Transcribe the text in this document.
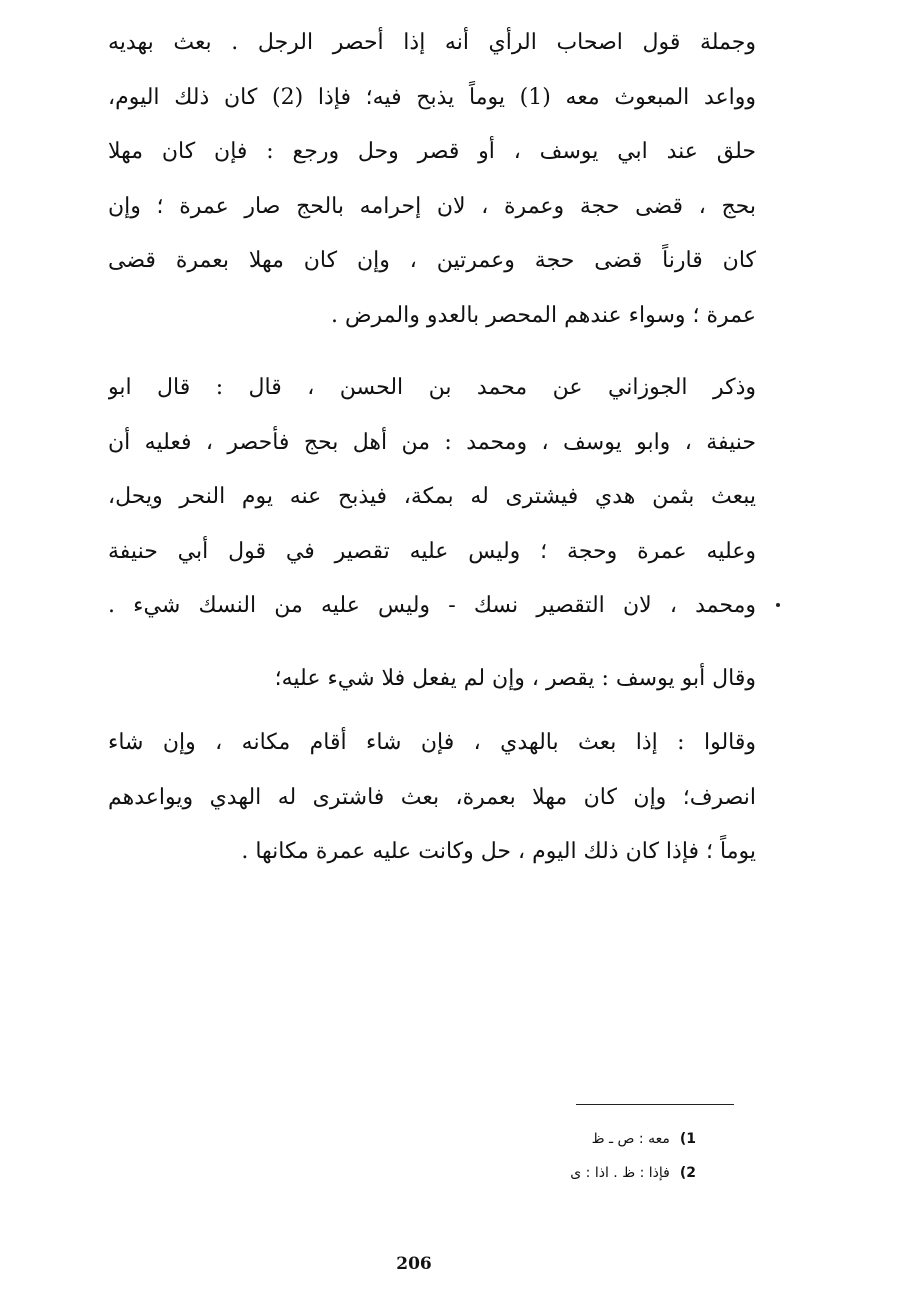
وجملة قول اصحاب الرأي أنه إذا أحصر الرجل . بعث بهديه
وواعد المبعوث معه (1) يوماً يذبح فيه؛ فإذا (2) كان ذلك اليوم،
حلق عند ابي يوسف ، أو قصر وحل ورجع : فإن كان مهلا
بحج ، قضى حجة وعمرة ، لان إحرامه بالحج صار عمرة ؛ وإن
كان قارناً قضى حجة وعمرتين ، وإن كان مهلا بعمرة قضى
عمرة ؛ وسواء عندهم المحصر بالعدو والمرض .
وذكر الجوزاني عن محمد بن الحسن ، قال : قال ابو
حنيفة ، وابو يوسف ، ومحمد : من أهل بحج فأحصر ، فعليه أن
يبعث بثمن هدي فيشترى له بمكة، فيذبح عنه يوم النحر ويحل،
وعليه عمرة وحجة ؛ وليس عليه تقصير في قول أبي حنيفة
ومحمد ، لان التقصير نسك - وليس عليه من النسك شيء .
وقال أبو يوسف : يقصر ، وإن لم يفعل فلا شيء عليه؛
وقالوا : إذا بعث بالهدي ، فإن شاء أقام مكانه ، وإن شاء
انصرف؛ وإن كان مهلا بعمرة، بعث فاشترى له الهدي ويواعدهم
يوماً ؛ فإذا كان ذلك اليوم ، حل وكانت عليه عمرة مكانها .
1)
معه : ص ـ ظ
2)
فإذا : ظ . اذا : ى
206
